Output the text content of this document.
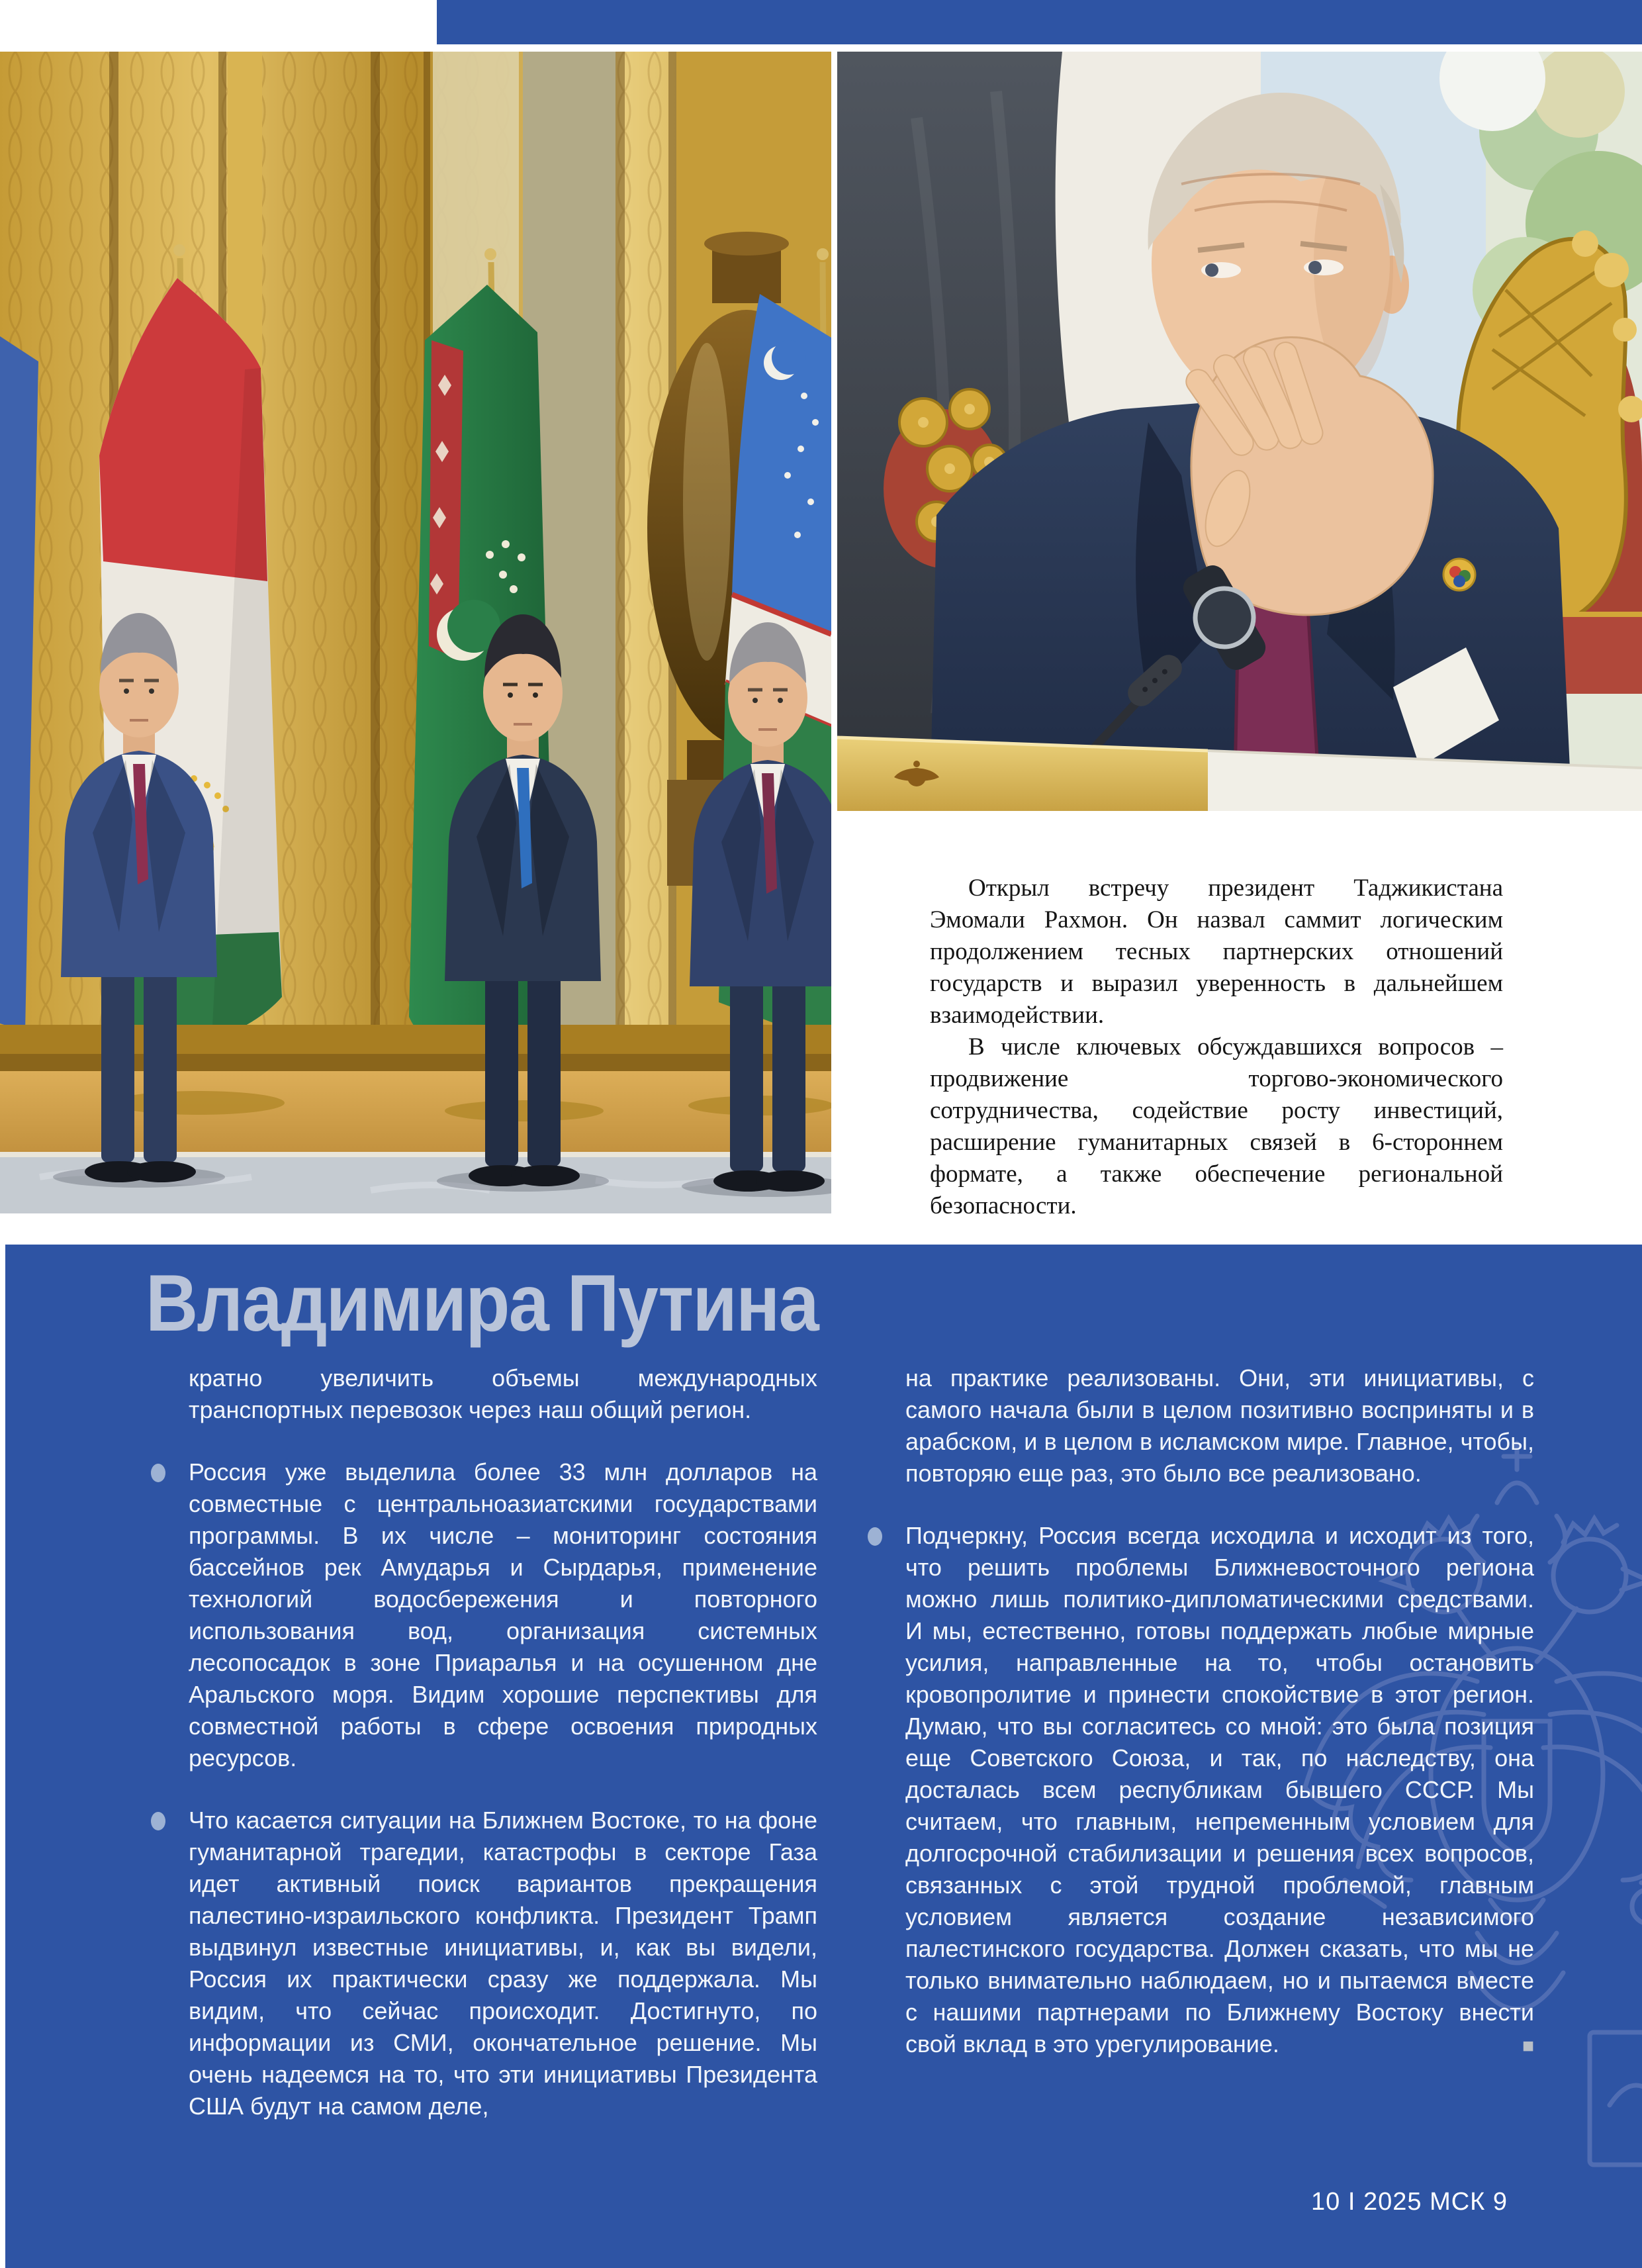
Открыл встречу президент Таджикистана Эмомали Рахмон. Он назвал саммит логическим продолжением тесных партнерских отношений государств и выразил уверенность в дальнейшем взаимодействии.

В числе ключевых обсуждавшихся вопросов – продвижение торгово-экономического сотрудничества, содействие росту инвестиций, расширение гуманитарных связей в 6-стороннем формате, а также обеспечение региональной безопасности.

Владимира Путина
кратно увеличить объемы международных транспортных перевозок через наш общий регион.
Россия уже выделила более 33 млн долларов на совместные с центральноазиатскими государствами программы. В их числе – мониторинг состояния бассейнов рек Амударья и Сырдарья, применение технологий водосбережения и повторного использования вод, организация системных лесопосадок в зоне Приаралья и на осушенном дне Аральского моря. Видим хорошие перспективы для совместной работы в сфере освоения природных ресурсов.
Что касается ситуации на Ближнем Востоке, то на фоне гуманитарной трагедии, катастрофы в секторе Газа идет активный поиск вариантов прекращения палестино-израильского конфликта. Президент Трамп выдвинул известные инициативы, и, как вы видели, Россия их практически сразу же поддержала. Мы видим, что сейчас происходит. Достигнуто, по информации из СМИ, окончательное решение. Мы очень надеемся на то, что эти инициативы Президента США будут на самом деле,
на практике реализованы. Они, эти инициативы, с самого начала были в целом позитивно восприняты и в арабском, и в целом в исламском мире. Главное, чтобы, повторяю еще раз, это было все реализовано.
Подчеркну, Россия всегда исходила и исходит из того, что решить проблемы Ближневосточного региона можно лишь политико-дипломатическими средствами. И мы, естественно, готовы поддержать любые мирные усилия, направленные на то, чтобы остановить кровопролитие и принести спокойствие в этот регион. Думаю, что вы согласитесь со мной: это была позиция еще Советского Союза, и так, по наследству, она досталась всем республикам бывшего СССР. Мы считаем, что главным, непременным условием для долгосрочной стабилизации и решения всех вопросов, связанных с этой трудной проблемой, главным условием является создание независимого палестинского государства. Должен сказать, что мы не только внимательно наблюдаем, но и пытаемся вместе с нашими партнерами по Ближнему Востоку внести свой вклад в это урегулирование.	■
10 I 2025 МСК 9
